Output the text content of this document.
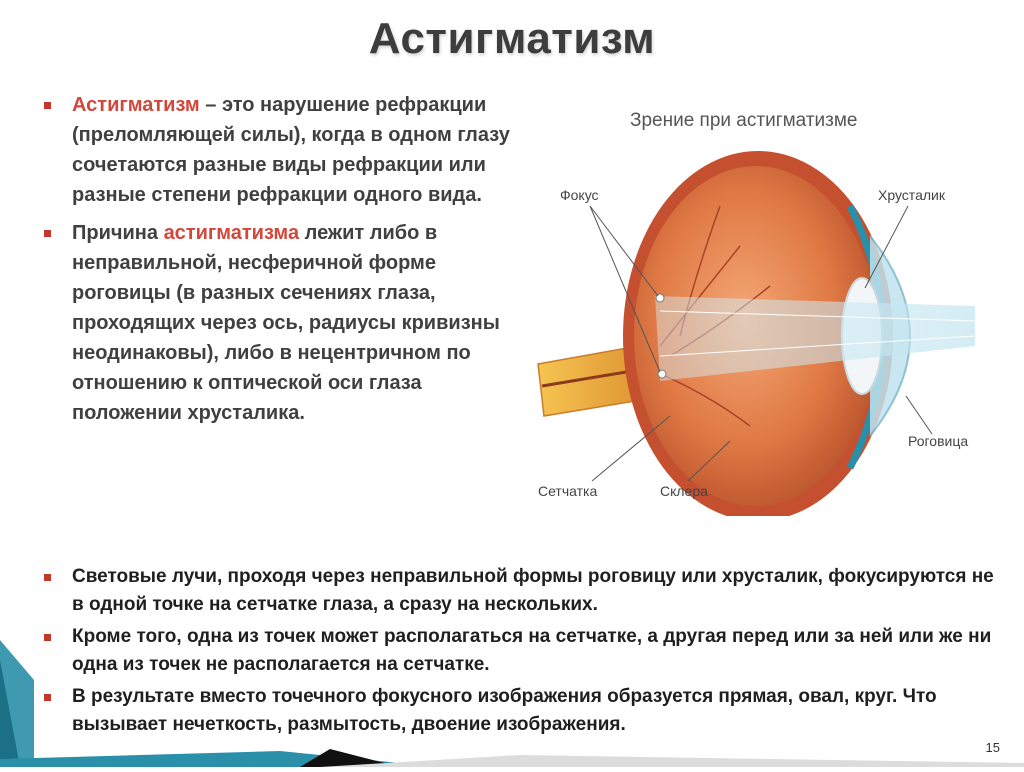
Астигматизм
Астигматизм – это нарушение рефракции (преломляющей силы), когда в одном глазу сочетаются разные виды рефракции или разные степени рефракции одного вида.
Причина астигматизма лежит либо в неправильной, несферичной форме роговицы (в разных сечениях глаза, проходящих через ось, радиусы кривизны неодинаковы), либо в нецентричном по отношению к оптической оси глаза положении хрусталика.
Зрение при астигматизме
Фокус	Хрусталик
Роговица
Сетчатка	Склера
Световые лучи, проходя через неправильной формы роговицу или хрусталик, фокусируются не в одной точке на сетчатке глаза, а сразу на нескольких.
Кроме того, одна из точек может располагаться на сетчатке, а другая перед или за ней или же ни одна из точек не располагается на сетчатке.
В результате вместо точечного фокусного изображения образуется прямая, овал, круг. Что вызывает нечеткость, размытость, двоение изображения.
15
